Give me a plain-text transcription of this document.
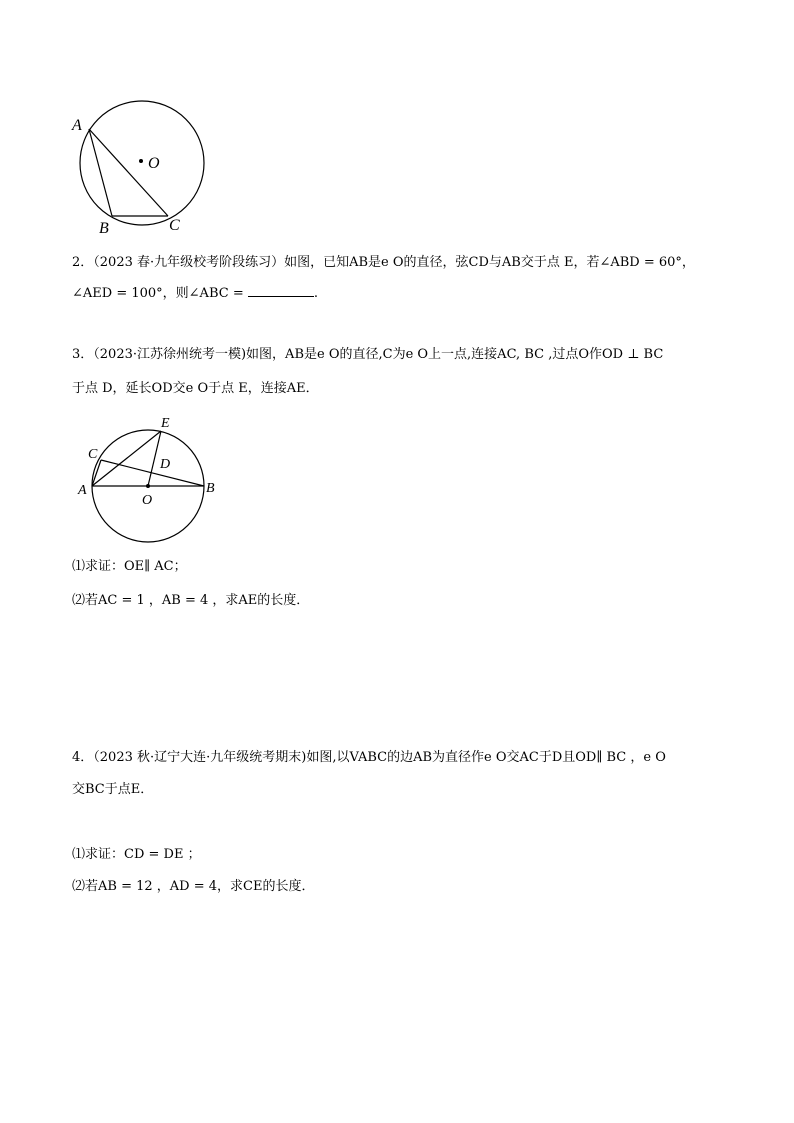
A
O
B	C
2．（2023 春·九年级校考阶段练习）如图，已知AB是e O的直径，弦CD与AB交于点 E，若∠ABD = 60°，
∠AED = 100°，则∠ABC =	.
3．（2023·江苏徐州统考一模)如图，AB是e O的直径,C为e O上一点,连接AC, BC ,过点O作OD ⊥ BC
于点 D，延长OD交e O于点 E，连接AE．
C
E
D
A	B
O
⑴求证：OE∥ AC；
⑵若AC = 1 ，AB = 4 ，求AE的长度．
4．（2023 秋·辽宁大连·九年级统考期末)如图,以VABC的边AB为直径作e O交AC于D且OD∥ BC ，e O
交BC于点E．
⑴求证：CD = DE ；
⑵若AB = 12 ，AD = 4，求CE的长度．
